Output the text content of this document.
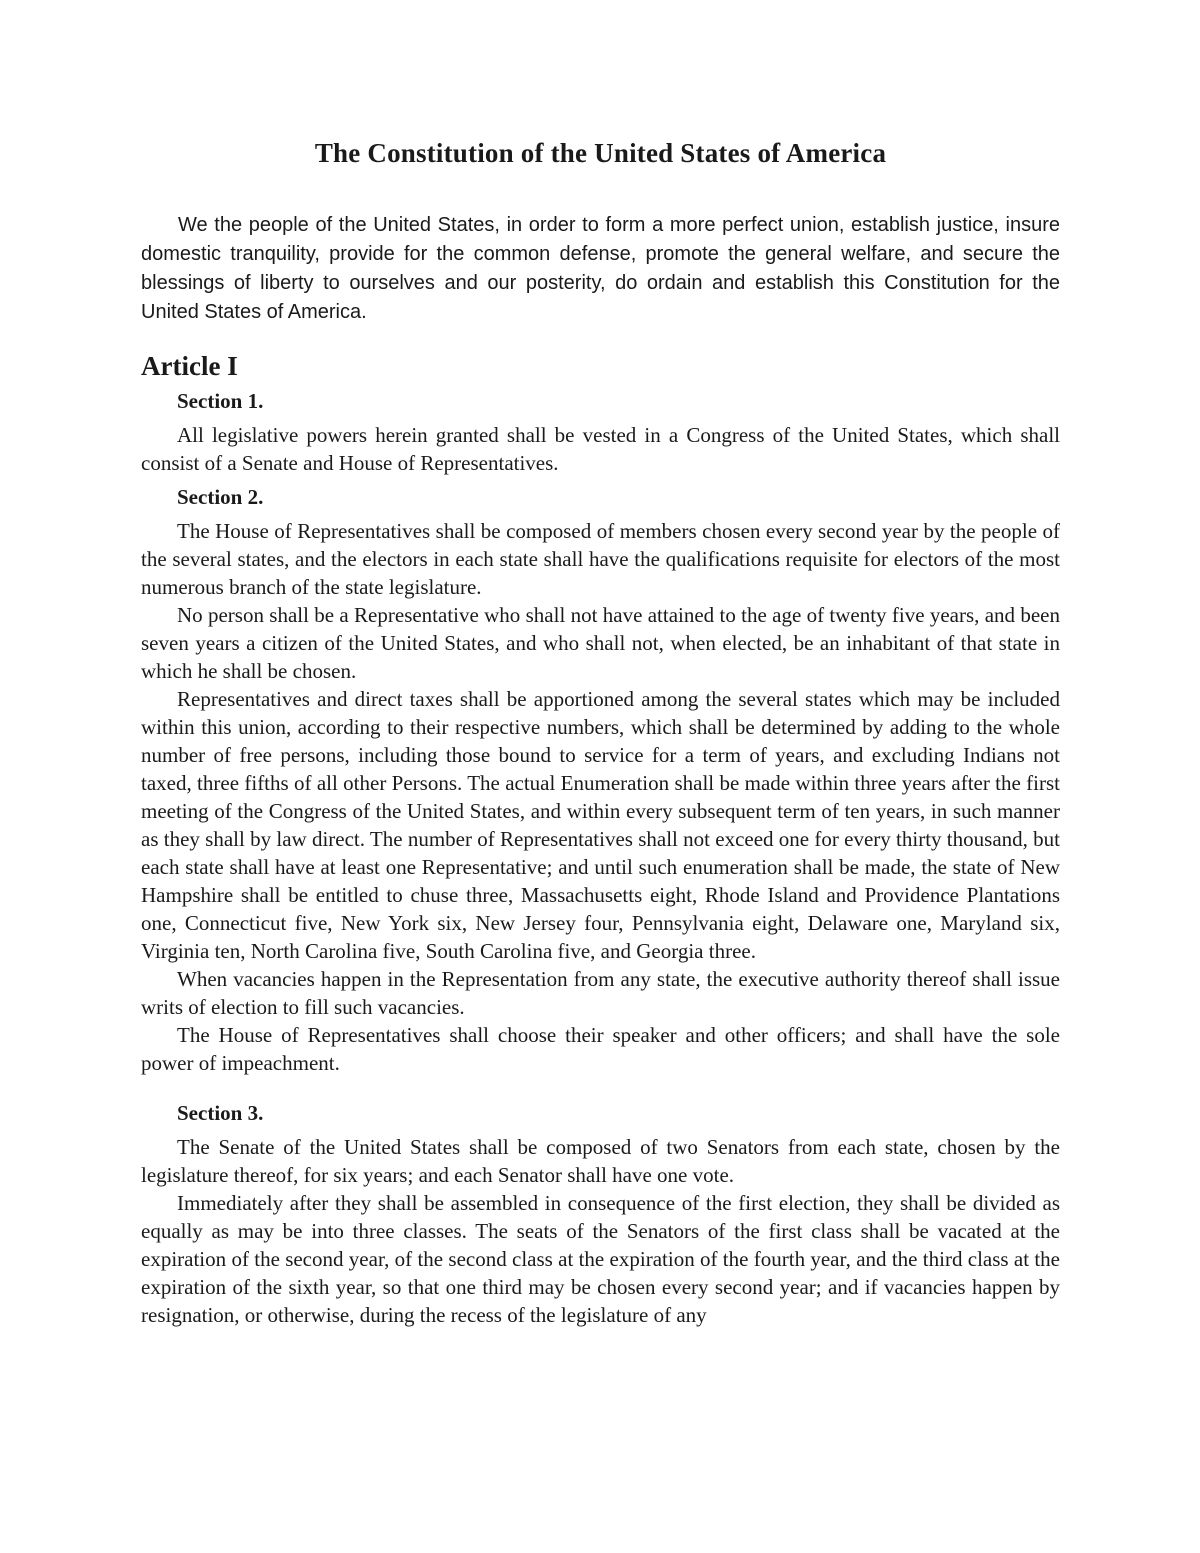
The Constitution of the United States of America

We the people of the United States, in order to form a more perfect union, establish justice, insure domestic tranquility, provide for the common defense, promote the general welfare, and secure the blessings of liberty to ourselves and our posterity, do ordain and establish this Constitution for the United States of America.

Article I
Section 1.

All legislative powers herein granted shall be vested in a Congress of the United States, which shall consist of a Senate and House of Representatives.

Section 2.

The House of Representatives shall be composed of members chosen every second year by the people of the several states, and the electors in each state shall have the qualifications requisite for electors of the most numerous branch of the state legislature.

No person shall be a Representative who shall not have attained to the age of twenty five years, and been seven years a citizen of the United States, and who shall not, when elected, be an inhabitant of that state in which he shall be chosen.

Representatives and direct taxes shall be apportioned among the several states which may be included within this union, according to their respective numbers, which shall be determined by adding to the whole number of free persons, including those bound to service for a term of years, and excluding Indians not taxed, three fifths of all other Persons. The actual Enumeration shall be made within three years after the first meeting of the Congress of the United States, and within every subsequent term of ten years, in such manner as they shall by law direct. The number of Representatives shall not exceed one for every thirty thousand, but each state shall have at least one Representative; and until such enumeration shall be made, the state of New Hampshire shall be entitled to chuse three, Massachusetts eight, Rhode Island and Providence Plantations one, Connecticut five, New York six, New Jersey four, Pennsylvania eight, Delaware one, Maryland six, Virginia ten, North Carolina five, South Carolina five, and Georgia three.

When vacancies happen in the Representation from any state, the executive authority thereof shall issue writs of election to fill such vacancies.

The House of Representatives shall choose their speaker and other officers; and shall have the sole power of impeachment.

Section 3.

The Senate of the United States shall be composed of two Senators from each state, chosen by the legislature thereof, for six years; and each Senator shall have one vote.

Immediately after they shall be assembled in consequence of the first election, they shall be divided as equally as may be into three classes. The seats of the Senators of the first class shall be vacated at the expiration of the second year, of the second class at the expiration of the fourth year, and the third class at the expiration of the sixth year, so that one third may be chosen every second year; and if vacancies happen by resignation, or otherwise, during the recess of the legislature of any
